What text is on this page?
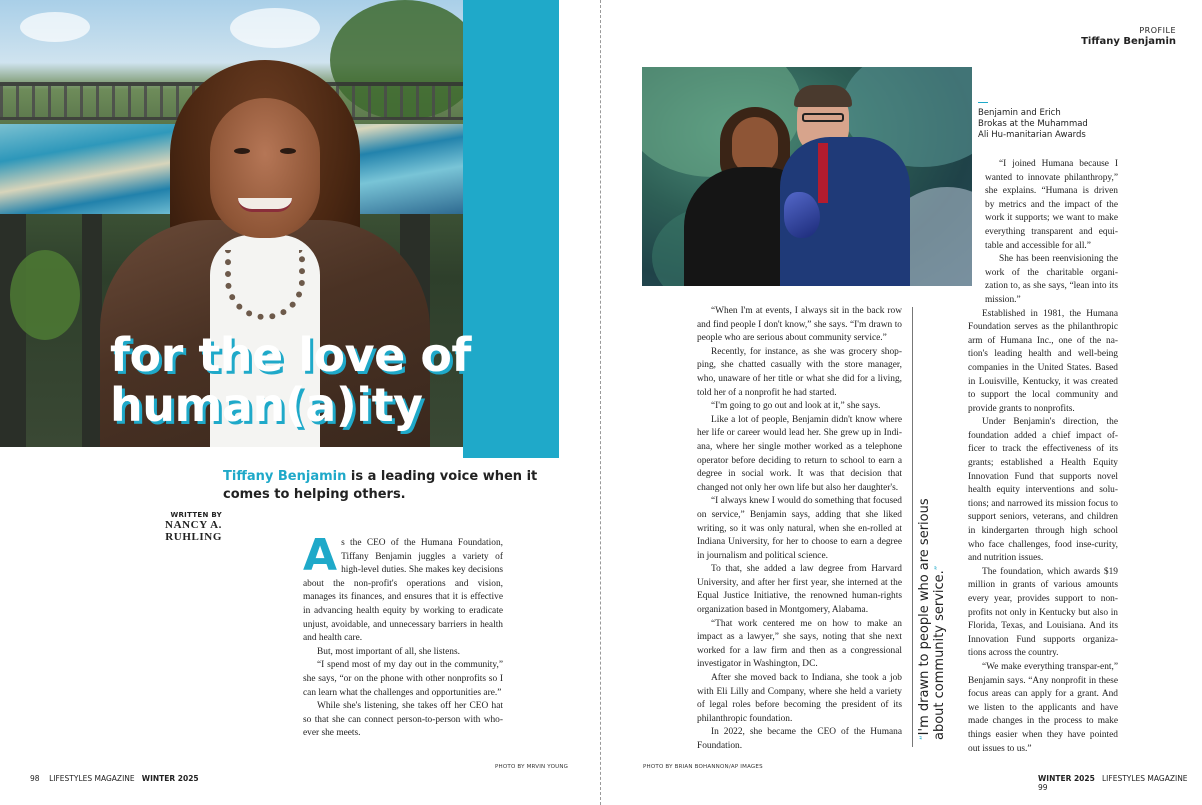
for the love of
human(a)ity
Tiffany Benjamin is a leading voice when it comes to helping others.
WRITTEN BY
NANCY A. RUHLING As the CEO of the Humana Foundation, Tiffany Benjamin juggles a variety of high-level duties. She makes key decisions about the non-profit's operations and vision, manages its finances, and ensures that it is effective in advancing health equity by working to eradicate unjust, avoidable, and unnecessary barriers in health and health care.

But, most important of all, she listens.

“I spend most of my day out in the community,” she says, “or on the phone with other nonprofits so I can learn what the challenges and opportunities are.”

While she's listening, she takes off her CEO hat so that she can connect person-to-person with who-ever she meets.

PHOTO BY MRVIN YOUNG
98 LIFESTYLES MAGAZINE WINTER 2025
PROFILE
Tiffany Benjamin
Benjamin and Erich Brokas at the Muhammad Ali Hu-manitarian Awards

“When I'm at events, I always sit in the back row and find people I don't know,” she says. “I'm drawn to people who are serious about community service.”

Recently, for instance, as she was grocery shop-ping, she chatted casually with the store manager, who, unaware of her title or what she did for a living, told her of a nonprofit he had started.

“I'm going to go out and look at it,” she says.

Like a lot of people, Benjamin didn't know where her life or career would lead her. She grew up in Indi-ana, where her single mother worked as a telephone operator before deciding to return to school to earn a degree in social work. It was that decision that changed not only her own life but also her daughter's.

“I always knew I would do something that focused on service,” Benjamin says, adding that she liked writing, so it was only natural, when she en-rolled at Indiana University, for her to choose to earn a degree in journalism and political science.

To that, she added a law degree from Harvard University, and after her first year, she interned at the Equal Justice Initiative, the renowned human-rights organization based in Montgomery, Alabama.

“That work centered me on how to make an impact as a lawyer,” she says, noting that she next worked for a law firm and then as a congressional investigator in Washington, DC.

After she moved back to Indiana, she took a job with Eli Lilly and Company, where she held a variety of legal roles before becoming the president of its philanthropic foundation.

In 2022, she became the CEO of the Humana Foundation.

“I'm drawn to people who are serious about community service.”

“I joined Humana because I wanted to innovate philanthropy,” she explains. “Humana is driven by metrics and the impact of the work it supports; we want to make everything transparent and equi-table and accessible for all.”

She has been reenvisioning the work of the charitable organi-zation to, as she says, “lean into its mission.”

Established in 1981, the Humana Foundation serves as the philanthropic arm of Humana Inc., one of the na-tion's leading health and well-being companies in the United States. Based in Louisville, Kentucky, it was created to support the local community and provide grants to nonprofits.

Under Benjamin's direction, the foundation added a chief impact of-ficer to track the effectiveness of its grants; established a Health Equity Innovation Fund that supports novel health equity interventions and solu-tions; and narrowed its mission focus to support seniors, veterans, and children in kindergarten through high school who face challenges, food inse-curity, and nutrition issues.

The foundation, which awards $19 million in grants of various amounts every year, provides support to non-profits not only in Kentucky but also in Florida, Texas, and Louisiana. And its Innovation Fund supports organiza-tions across the country.

“We make everything transpar-ent,” Benjamin says. “Any nonprofit in these focus areas can apply for a grant. And we listen to the applicants and have made changes in the process to make things easier when they have pointed out issues to us.”

PHOTO BY BRIAN BOHANNON/AP IMAGES
WINTER 2025 LIFESTYLES MAGAZINE    99
